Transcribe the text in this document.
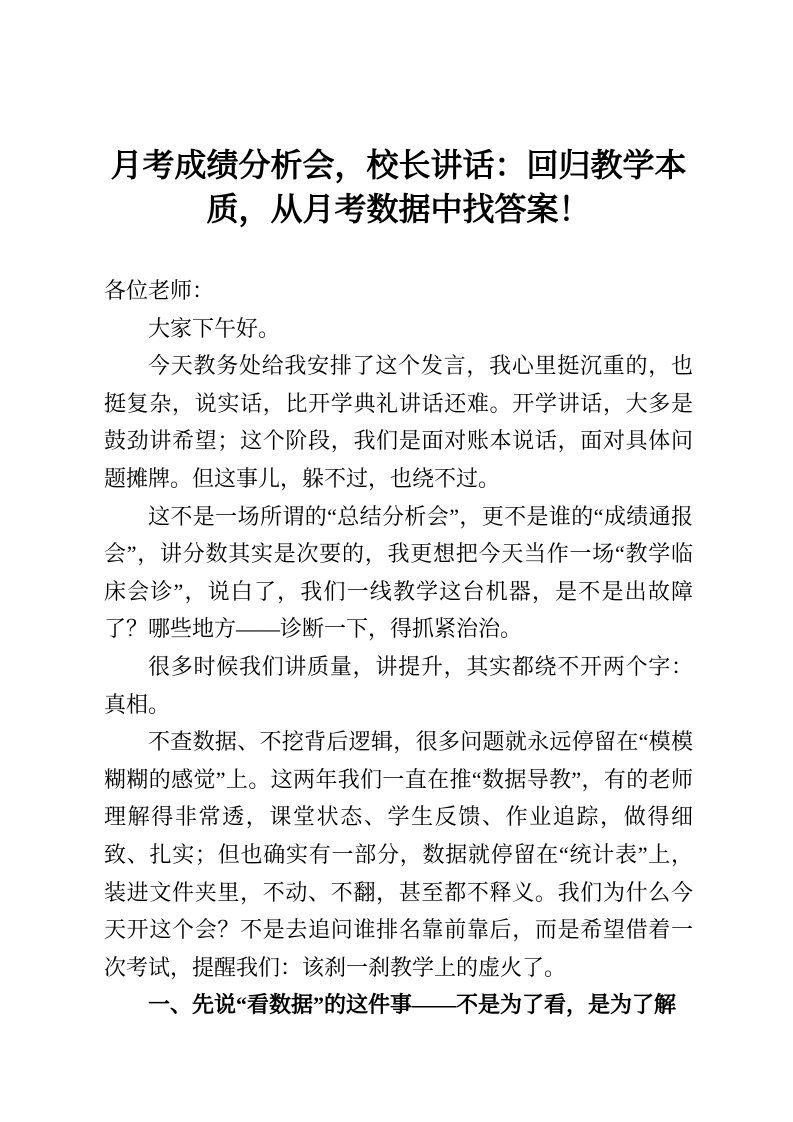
月考成绩分析会，校长讲话：回归教学本质，从月考数据中找答案！

各位老师：

大家下午好。

今天教务处给我安排了这个发言，我心里挺沉重的，也挺复杂，说实话，比开学典礼讲话还难。开学讲话，大多是鼓劲讲希望；这个阶段，我们是面对账本说话，面对具体问题摊牌。但这事儿，躲不过，也绕不过。

这不是一场所谓的“总结分析会”，更不是谁的“成绩通报会”，讲分数其实是次要的，我更想把今天当作一场“教学临床会诊”，说白了，我们一线教学这台机器，是不是出故障了？哪些地方——诊断一下，得抓紧治治。

很多时候我们讲质量，讲提升，其实都绕不开两个字：真相。

不查数据、不挖背后逻辑，很多问题就永远停留在“模模糊糊的感觉”上。这两年我们一直在推“数据导教”，有的老师理解得非常透，课堂状态、学生反馈、作业追踪，做得细致、扎实；但也确实有一部分，数据就停留在“统计表”上，装进文件夹里，不动、不翻，甚至都不释义。我们为什么今天开这个会？不是去追问谁排名靠前靠后，而是希望借着一次考试，提醒我们：该刹一刹教学上的虚火了。

一、先说“看数据”的这件事——不是为了看，是为了解
